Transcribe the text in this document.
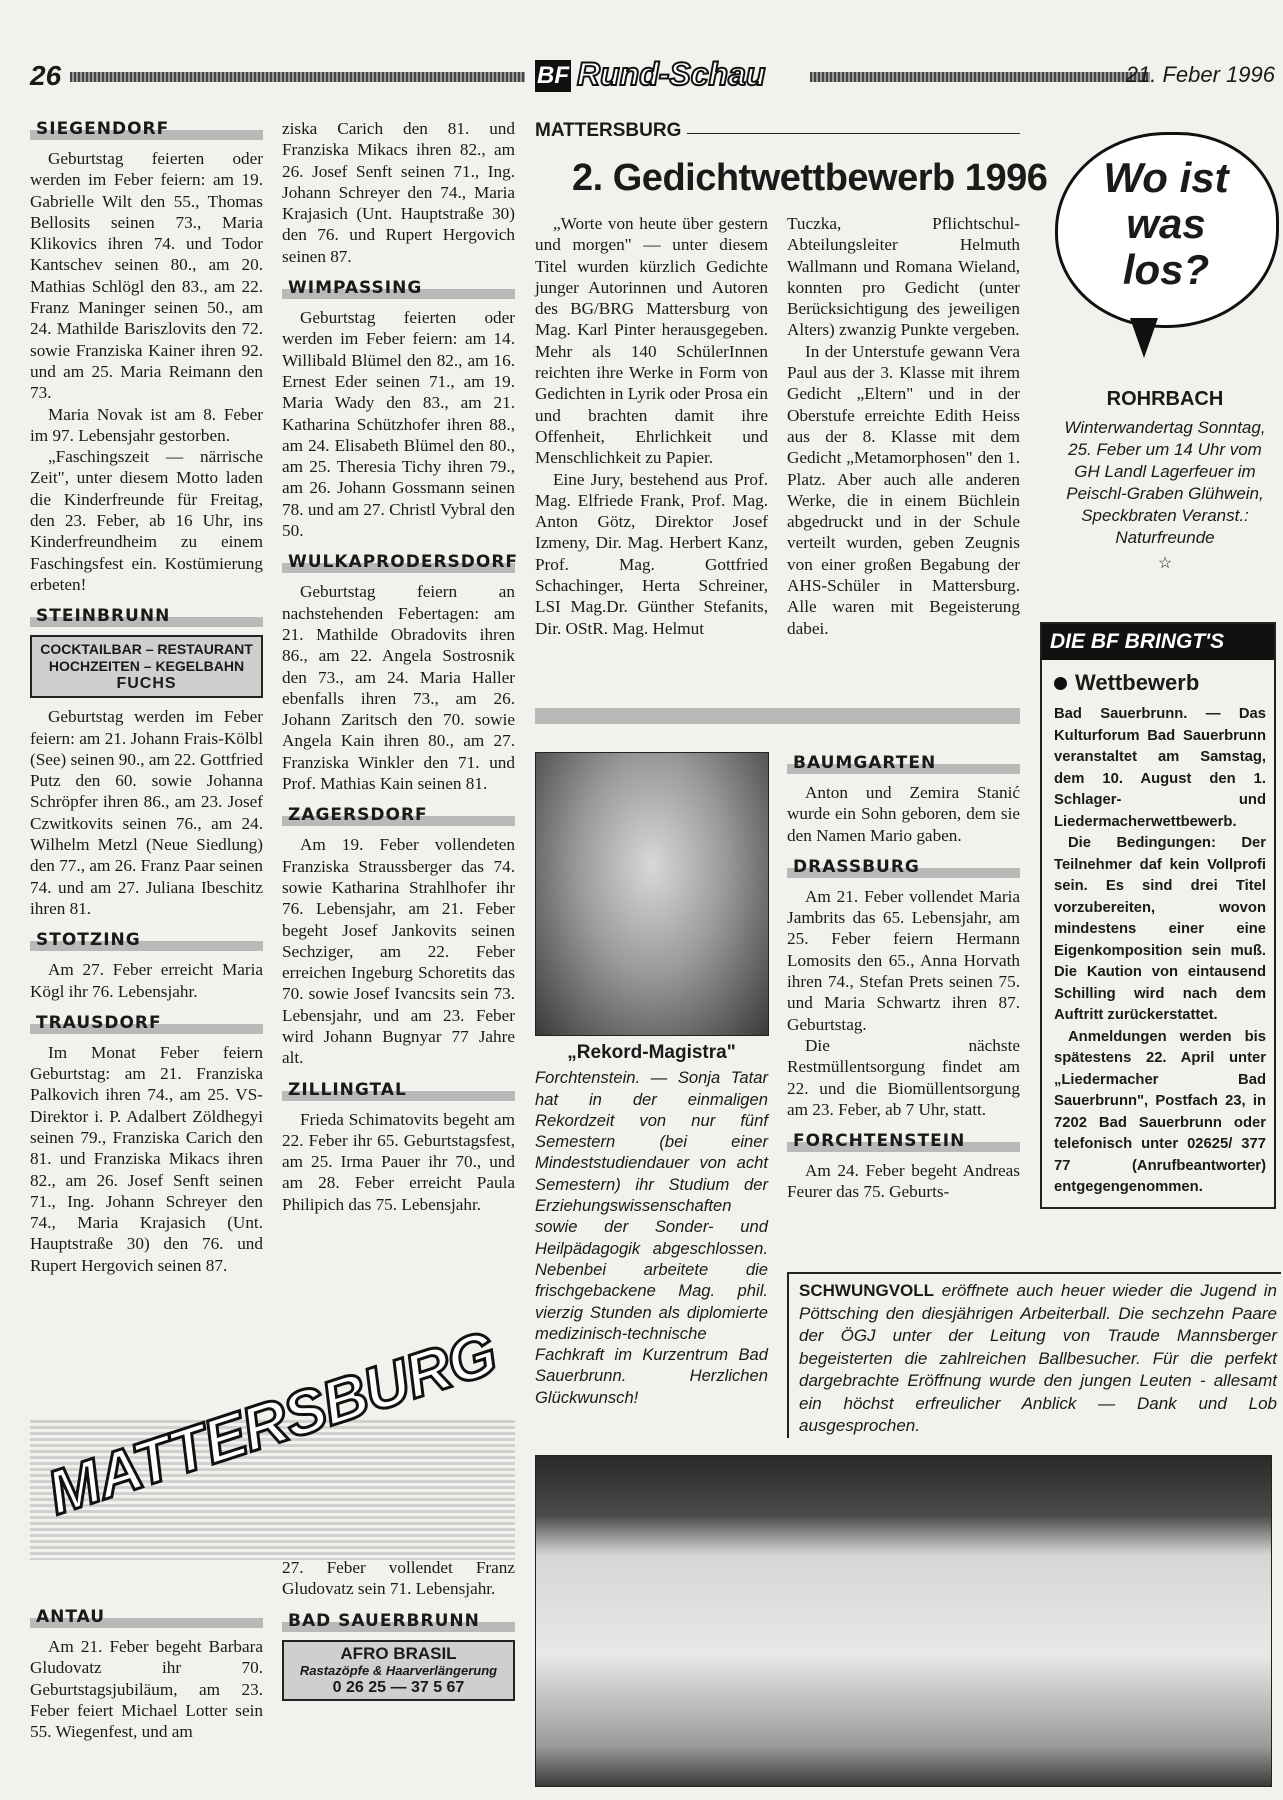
26	BF Rund-Schau	21. Feber 1996
SIEGENDORF

Geburtstag feierten oder werden im Feber feiern: am 19. Gabrielle Wilt den 55., Thomas Bellosits seinen 73., Maria Klikovics ihren 74. und Todor Kantschev seinen 80., am 20. Mathias Schlögl den 83., am 22. Franz Maninger seinen 50., am 24. Mathilde Bariszlovits den 72. sowie Franziska Kainer ihren 92. und am 25. Maria Reimann den 73.

Maria Novak ist am 8. Feber im 97. Lebensjahr gestorben.

„Faschingszeit — närrische Zeit", unter diesem Motto laden die Kinderfreunde für Freitag, den 23. Feber, ab 16 Uhr, ins Kinderfreundheim zu einem Faschingsfest ein. Kostümierung erbeten!

STEINBRUNN
COCKTAILBAR – RESTAURANT
HOCHZEITEN – KEGELBAHN
FUCHS

Geburtstag werden im Feber feiern: am 21. Johann Frais-Kölbl (See) seinen 90., am 22. Gottfried Putz den 60. sowie Johanna Schröpfer ihren 86., am 23. Josef Czwitkovits seinen 76., am 24. Wilhelm Metzl (Neue Siedlung) den 77., am 26. Franz Paar seinen 74. und am 27. Juliana Ibeschitz ihren 81.

STOTZING

Am 27. Feber erreicht Maria Kögl ihr 76. Lebensjahr.

TRAUSDORF

Im Monat Feber feiern Geburtstag: am 21. Franziska Palkovich ihren 74., am 25. VS-Direktor i. P. Adalbert Zöldhegyi seinen 79., Franziska Carich den 81. und Franziska Mikacs ihren 82., am 26. Josef Senft seinen 71., Ing. Johann Schreyer den 74., Maria Krajasich (Unt. Hauptstraße 30) den 76. und Rupert Hergovich seinen 87.

ziska Carich den 81. und Franziska Mikacs ihren 82., am 26. Josef Senft seinen 71., Ing. Johann Schreyer den 74., Maria Krajasich (Unt. Hauptstraße 30) den 76. und Rupert Hergovich seinen 87.

WIMPASSING

Geburtstag feierten oder werden im Feber feiern: am 14. Willibald Blümel den 82., am 16. Ernest Eder seinen 71., am 19. Maria Wady den 83., am 21. Katharina Schützhofer ihren 88., am 24. Elisabeth Blümel den 80., am 25. Theresia Tichy ihren 79., am 26. Johann Gossmann seinen 78. und am 27. Christl Vybral den 50.

WULKAPRODERSDORF

Geburtstag feiern an nachstehenden Febertagen: am 21. Mathilde Obradovits ihren 86., am 22. Angela Sostrosnik den 73., am 24. Maria Haller ebenfalls ihren 73., am 26. Johann Zaritsch den 70. sowie Angela Kain ihren 80., am 27. Franziska Winkler den 71. und Prof. Mathias Kain seinen 81.

ZAGERSDORF

Am 19. Feber vollendeten Franziska Straussberger das 74. sowie Katharina Strahlhofer ihr 76. Lebensjahr, am 21. Feber begeht Josef Jankovits seinen Sechziger, am 22. Feber erreichen Ingeburg Schoretits das 70. sowie Josef Ivancsits sein 73. Lebensjahr, und am 23. Feber wird Johann Bugnyar 77 Jahre alt.

ZILLINGTAL

Frieda Schimatovits begeht am 22. Feber ihr 65. Geburtstagsfest, am 25. Irma Pauer ihr 70., und am 28. Feber erreicht Paula Philipich das 75. Lebensjahr.

MATTERSBURG
ANTAU

Am 21. Feber begeht Barbara Gludovatz ihr 70. Geburtstagsjubiläum, am 23. Feber feiert Michael Lotter sein 55. Wiegenfest, und am

27. Feber vollendet Franz Gludovatz sein 71. Lebensjahr.

BAD SAUERBRUNN
AFRO BRASIL
Rastazöpfe & Haarverlängerung
0 26 25 — 37 5 67
MATTERSBURG
2. Gedichtwettbewerb 1996

„Worte von heute über gestern und morgen" — unter diesem Titel wurden kürzlich Gedichte junger Autorinnen und Autoren des BG/BRG Mattersburg von Mag. Karl Pinter herausgegeben. Mehr als 140 SchülerInnen reichten ihre Werke in Form von Gedichten in Lyrik oder Prosa ein und brachten damit ihre Offenheit, Ehrlichkeit und Menschlichkeit zu Papier.

Eine Jury, bestehend aus Prof. Mag. Elfriede Frank, Prof. Mag. Anton Götz, Direktor Josef Izmeny, Dir. Mag. Herbert Kanz, Prof. Mag. Gottfried Schachinger, Herta Schreiner, LSI Mag.Dr. Günther Stefanits, Dir. OStR. Mag. Helmut

Tuczka, Pflichtschul-Abteilungsleiter Helmuth Wallmann und Romana Wieland, konnten pro Gedicht (unter Berücksichtigung des jeweiligen Alters) zwanzig Punkte vergeben.

In der Unterstufe gewann Vera Paul aus der 3. Klasse mit ihrem Gedicht „Eltern" und in der Oberstufe erreichte Edith Heiss aus der 8. Klasse mit dem Gedicht „Metamorphosen" den 1. Platz. Aber auch alle anderen Werke, die in einem Büchlein abgedruckt und in der Schule verteilt wurden, geben Zeugnis von einer großen Begabung der AHS-Schüler in Mattersburg. Alle waren mit Begeisterung dabei.

„Rekord-Magistra"

Forchtenstein. — Sonja Tatar hat in der einmaligen Rekordzeit von nur fünf Semestern (bei einer Mindeststudiendauer von acht Semestern) ihr Studium der Erziehungswissenschaften sowie der Sonder- und Heilpädagogik abgeschlossen. Nebenbei arbeitete die frischgebackene Mag. phil. vierzig Stunden als diplomierte medizinisch-technische Fachkraft im Kurzentrum Bad Sauerbrunn. Herzlichen Glückwunsch!

BAUMGARTEN

Anton und Zemira Stanić wurde ein Sohn geboren, dem sie den Namen Mario gaben.

DRASSBURG

Am 21. Feber vollendet Maria Jambrits das 65. Lebensjahr, am 25. Feber feiern Hermann Lomosits den 65., Anna Horvath ihren 74., Stefan Prets seinen 75. und Maria Schwartz ihren 87. Geburtstag.

Die nächste Restmüllentsorgung findet am 22. und die Biomüllentsorgung am 23. Feber, ab 7 Uhr, statt.

FORCHTENSTEIN

Am 24. Feber begeht Andreas Feurer das 75. Geburts-

Wo ist was los?
ROHRBACH
Winterwandertag Sonntag, 25. Feber um 14 Uhr vom GH Landl Lagerfeuer im Peischl-Graben Glühwein, Speckbraten Veranst.: Naturfreunde
☆
DIE BF BRINGT'S
Wettbewerb
Bad Sauerbrunn. — Das Kulturforum Bad Sauerbrunn veranstaltet am Samstag, dem 10. August den 1. Schlager- und Liedermacherwettbewerb.
Die Bedingungen: Der Teilnehmer daf kein Vollprofi sein. Es sind drei Titel vorzubereiten, wovon mindestens einer eine Eigenkomposition sein muß. Die Kaution von eintausend Schilling wird nach dem Auftritt zurückerstattet.
Anmeldungen werden bis spätestens 22. April unter „Liedermacher Bad Sauerbrunn", Postfach 23, in 7202 Bad Sauerbrunn oder telefonisch unter 02625/ 377 77 (Anrufbeantworter) entgegengenommen.
SCHWUNGVOLL eröffnete auch heuer wieder die Jugend in Pöttsching den diesjährigen Arbeiterball. Die sechzehn Paare der ÖGJ unter der Leitung von Traude Mannsberger begeisterten die zahlreichen Ballbesucher. Für die perfekt dargebrachte Eröffnung wurde den jungen Leuten - allesamt ein höchst erfreulicher Anblick — Dank und Lob ausgesprochen.
